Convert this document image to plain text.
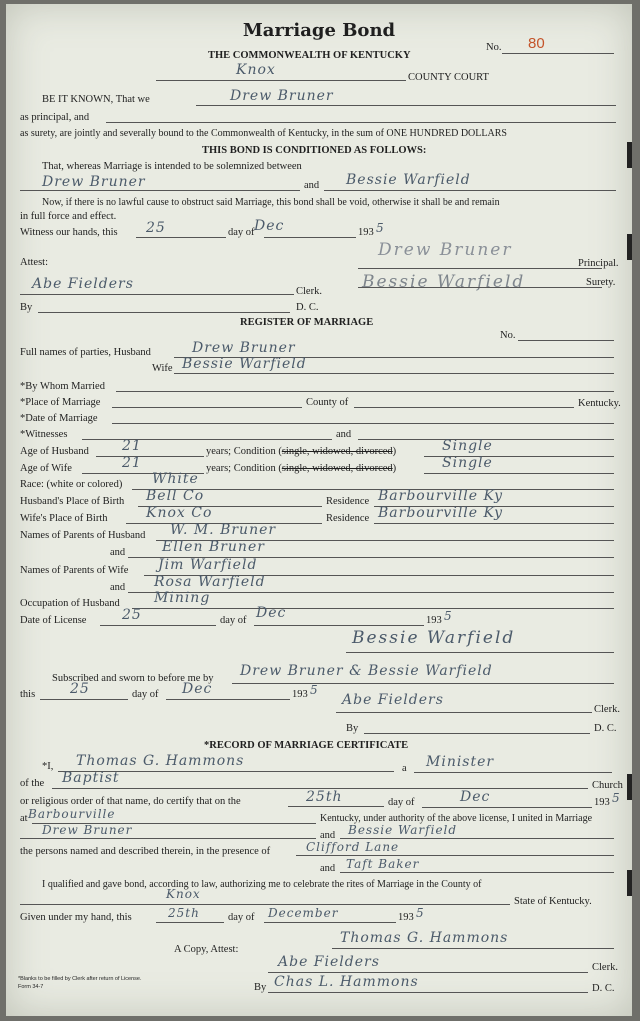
Marriage Bond
No. 80
THE COMMONWEALTH OF KENTUCKY
Knox	COUNTY COURT
BE IT KNOWN, That we	Drew Bruner
as principal, and
as surety, are jointly and severally bound to the Commonwealth of Kentucky, in the sum of ONE HUNDRED DOLLARS
THIS BOND IS CONDITIONED AS FOLLOWS:
That, whereas Marriage is intended to be solemnized between
Drew Bruner	and Bessie Warfield
Now, if there is no lawful cause to obstruct said Marriage, this bond shall be void, otherwise it shall be and remain
in full force and effect.
Witness our hands, this 25	day of Dec	193 5
Attest:
Drew Bruner
Principal.
Abe Fielders	Clerk. Bessie Warfield	Surety.
By	D. C.
REGISTER OF MARRIAGE
No.
Full names of parties, Husband	Drew Bruner
Wife Bessie Warfield
*By Whom Married
*Place of Marriage	County of	Kentucky.
*Date of Marriage
*Witnesses	and
Age of Husband 21	years; Condition (single, widowed, divorced)	Single
Age of Wife	21	years; Condition (single, widowed, divorced)	Single
Race: (white or colored) White
Husband's Place of Birth Bell Co	Residence Barbourville Ky
Wife's Place of Birth	Knox Co	Residence Barbourville Ky
Names of Parents of Husband W. M. Bruner
and	Ellen Bruner
Names of Parents of Wife Jim Warfield
and Rosa Warfield
Occupation of Husband Mining
Date of License	25	day of Dec	193 5
Bessie Warfield
Subscribed and sworn to before me by Drew Bruner & Bessie Warfield
this 25	day of Dec	193 5
Abe Fielders
Clerk.
By	D. C.
*RECORD OF MARRIAGE CERTIFICATE
*I, Thomas G. Hammons	a Minister
of the Baptist	Church
or religious order of that name, do certify that on the	25th	day of	Dec	193 5
at Barbourville	Kentucky, under authority of the above license, I united in Marriage
Drew Bruner	and Bessie Warfield
the persons named and described therein, in the presence of	Clifford Lane
and Taft Baker
I qualified and gave bond, according to law, authorizing me to celebrate the rites of Marriage in the County of
Knox
State of Kentucky.
Given under my hand, this	25th	day of December	193 5
Thomas G. Hammons
A Copy, Attest:
Abe Fielders	Clerk.
By Chas L. Hammons	D. C.
*Blanks to be filled by Clerk after return of License.
Form 34-7
